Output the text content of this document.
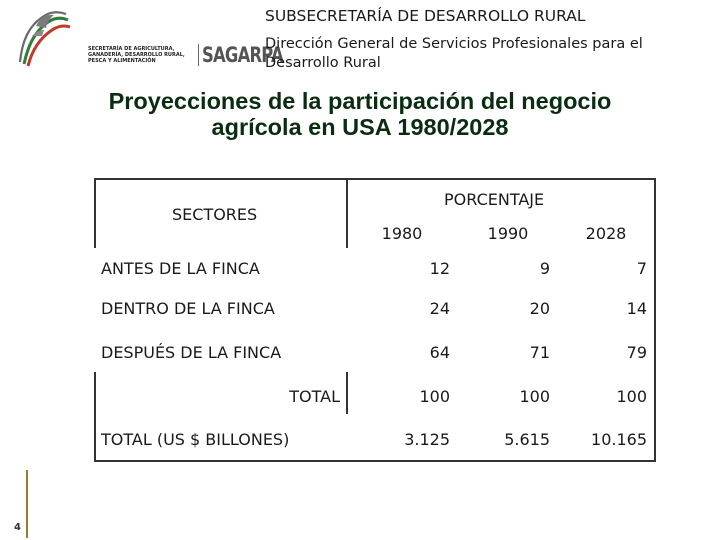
SECRETARÍA DE AGRICULTURA, GANADERÍA, DESARROLLO RURAL, PESCA Y ALIMENTACIÓN	SAGARPA
SUBSECRETARÍA DE DESARROLLO RURAL
Dirección General de Servicios Profesionales para el Desarrollo Rural
Proyecciones de la participación del negocio
agrícola en USA 1980/2028
SECTORES
PORCENTAJE
1980	1990	2028
ANTES DE LA FINCA	12	9	7
DENTRO DE LA FINCA	24	20	14
DESPUÉS DE LA FINCA	64	71	79
TOTAL	100	100	100
TOTAL (US $ BILLONES)	3.125	5.615	10.165
4
